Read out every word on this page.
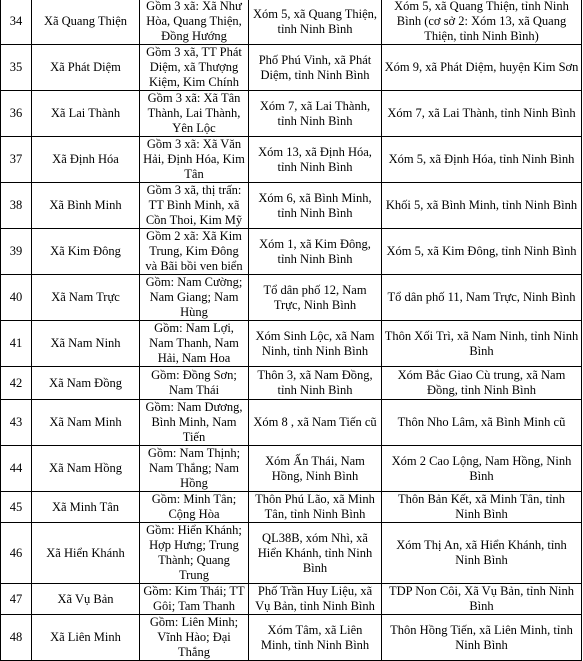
34	Xã Quang Thiện	Gồm 3 xã: Xã Như Hòa, Quang Thiện, Đồng Hướng	Xóm 5, xã Quang Thiện, tỉnh Ninh Bình	Xóm 5, xã Quang Thiện, tỉnh Ninh Bình (cơ sở 2: Xóm 13, xã Quang Thiện, tỉnh Ninh Bình)
35	Xã Phát Diệm	Gồm 3 xã, TT Phát Diệm, xã Thượng Kiệm, Kim Chính	Phố Phú Vinh, xã Phát Diệm, tỉnh Ninh Bình	Xóm 9, xã Phát Diệm, huyện Kim Sơn
36	Xã Lai Thành	Gồm 3 xã: Xã Tân Thành, Lai Thành, Yên Lộc	Xóm 7, xã Lai Thành, tỉnh Ninh Bình	Xóm 7, xã Lai Thành, tỉnh Ninh Bình
37	Xã Định Hóa	Gồm 3 xã: Xã Văn Hải, Định Hóa, Kim Tân	Xóm 13, xã Định Hóa, tỉnh Ninh Bình	Xóm 5, xã Định Hóa, tỉnh Ninh Bình
38	Xã Bình Minh	Gồm 3 xã, thị trấn: TT Bình Minh, xã Cồn Thoi, Kim Mỹ	Xóm 6, xã Bình Minh, tỉnh Ninh Bình	Khối 5, xã Bình Minh, tỉnh Ninh Bình
39	Xã Kim Đông	Gồm 2 xã: Xã Kim Trung, Kim Đông và Bãi bồi ven biển	Xóm 1, xã Kim Đông, tỉnh Ninh Bình	Xóm 5, xã Kim Đông, tỉnh Ninh Bình
40	Xã Nam Trực	Gồm: Nam Cường; Nam Giang; Nam Hùng	Tổ dân phố 12, Nam Trực, Ninh Bình	Tổ dân phố 11, Nam Trực, Ninh Bình
41	Xã Nam Ninh	Gồm: Nam Lợi, Nam Thanh, Nam Hải, Nam Hoa	Xóm Sinh Lộc, xã Nam Ninh, tỉnh Ninh Bình	Thôn Xối Trì, xã Nam Ninh, tỉnh Ninh Bình
42	Xã Nam Đồng	Gồm: Đồng Sơn; Nam Thái	Thôn 3, xã Nam Đồng, tỉnh Ninh Bình	Xóm Bắc Giao Cù trung, xã Nam Đồng, tỉnh Ninh Bình
43	Xã Nam Minh	Gồm: Nam Dương, Bình Minh, Nam Tiến	Xóm 8 , xã Nam Tiến cũ	Thôn Nho Lâm, xã Bình Minh cũ
44	Xã Nam Hồng	Gồm: Nam Thịnh; Nam Thắng; Nam Hồng	Xóm Ấn Thái, Nam Hồng, Ninh Bình	Xóm 2 Cao Lộng, Nam Hồng, Ninh Bình
45	Xã Minh Tân	Gồm: Minh Tân; Cộng Hòa	Thôn Phú Lão, xã Minh Tân, tỉnh Ninh Bình	Thôn Bản Kết, xã Minh Tân, tỉnh Ninh Bình
46	Xã Hiển Khánh	Gồm: Hiển Khánh; Hợp Hưng; Trung Thành; Quang Trung	QL38B, xóm Nhì, xã Hiển Khánh, tỉnh Ninh Bình	Xóm Thị An, xã Hiển Khánh, tỉnh Ninh Bình
47	Xã Vụ Bản	Gồm: Kim Thái; TT Gôi; Tam Thanh	Phố Trần Huy Liệu, xã Vụ Bản, tỉnh Ninh Bình	TDP Non Côi, Xã Vụ Bản, tỉnh Ninh Bình
48	Xã Liên Minh	Gồm: Liên Minh; Vĩnh Hào; Đại Thắng	Xóm Tâm, xã Liên Minh, tỉnh Ninh Bình	Thôn Hồng Tiến, xã Liên Minh, tỉnh Ninh Bình
